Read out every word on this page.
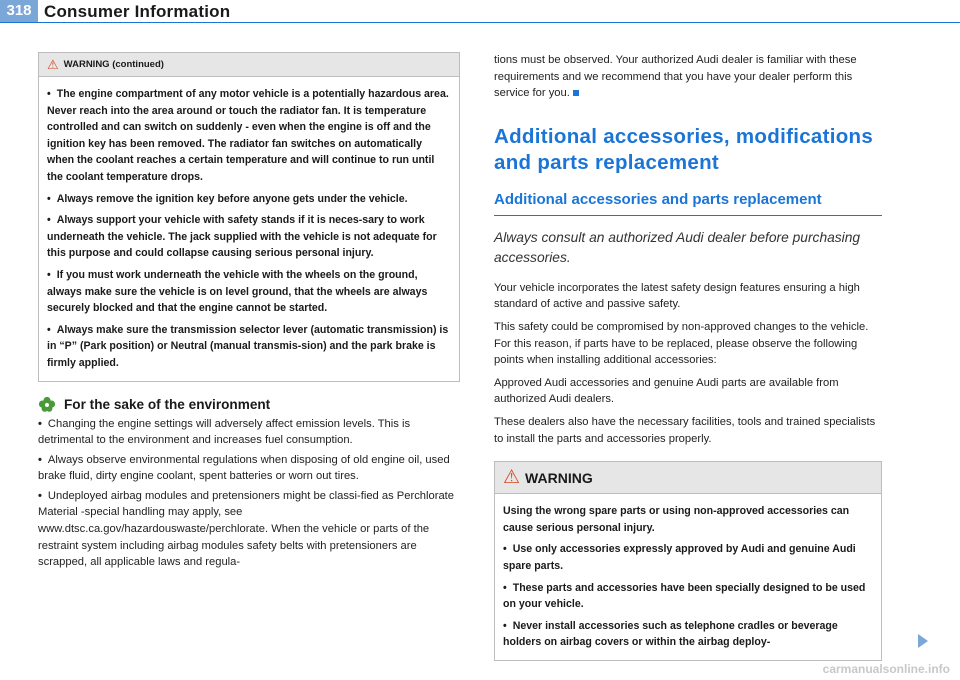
318 Consumer Information
⚠ WARNING (continued)

• The engine compartment of any motor vehicle is a potentially hazardous area. Never reach into the area around or touch the radiator fan. It is temperature controlled and can switch on suddenly - even when the engine is off and the ignition key has been removed. The radiator fan switches on automatically when the coolant reaches a certain temperature and will continue to run until the coolant temperature drops.

• Always remove the ignition key before anyone gets under the vehicle.

• Always support your vehicle with safety stands if it is neces-sary to work underneath the vehicle. The jack supplied with the vehicle is not adequate for this purpose and could collapse causing serious personal injury.

• If you must work underneath the vehicle with the wheels on the ground, always make sure the vehicle is on level ground, that the wheels are always securely blocked and that the engine cannot be started.

• Always make sure the transmission selector lever (automatic transmission) is in “P” (Park position) or Neutral (manual transmis-sion) and the park brake is firmly applied.

For the sake of the environment

• Changing the engine settings will adversely affect emission levels. This is detrimental to the environment and increases fuel consumption.

• Always observe environmental regulations when disposing of old engine oil, used brake fluid, dirty engine coolant, spent batteries or worn out tires.

• Undeployed airbag modules and pretensioners might be classi-fied as Perchlorate Material -special handling may apply, see www.dtsc.ca.gov/hazardouswaste/perchlorate. When the vehicle or parts of the restraint system including airbag modules safety belts with pretensioners are scrapped, all applicable laws and regula-

tions must be observed. Your authorized Audi dealer is familiar with these requirements and we recommend that you have your dealer perform this service for you.

Additional accessories, modifications and parts replacement
Additional accessories and parts replacement

Always consult an authorized Audi dealer before purchasing accessories.

Your vehicle incorporates the latest safety design features ensuring a high standard of active and passive safety.

This safety could be compromised by non-approved changes to the vehicle. For this reason, if parts have to be replaced, please observe the following points when installing additional accessories:

Approved Audi accessories and genuine Audi parts are available from authorized Audi dealers.

These dealers also have the necessary facilities, tools and trained specialists to install the parts and accessories properly.

⚠ WARNING

Using the wrong spare parts or using non-approved accessories can cause serious personal injury.

• Use only accessories expressly approved by Audi and genuine Audi spare parts.

• These parts and accessories have been specially designed to be used on your vehicle.

• Never install accessories such as telephone cradles or beverage holders on airbag covers or within the airbag deploy-

carmanualsonline.info
